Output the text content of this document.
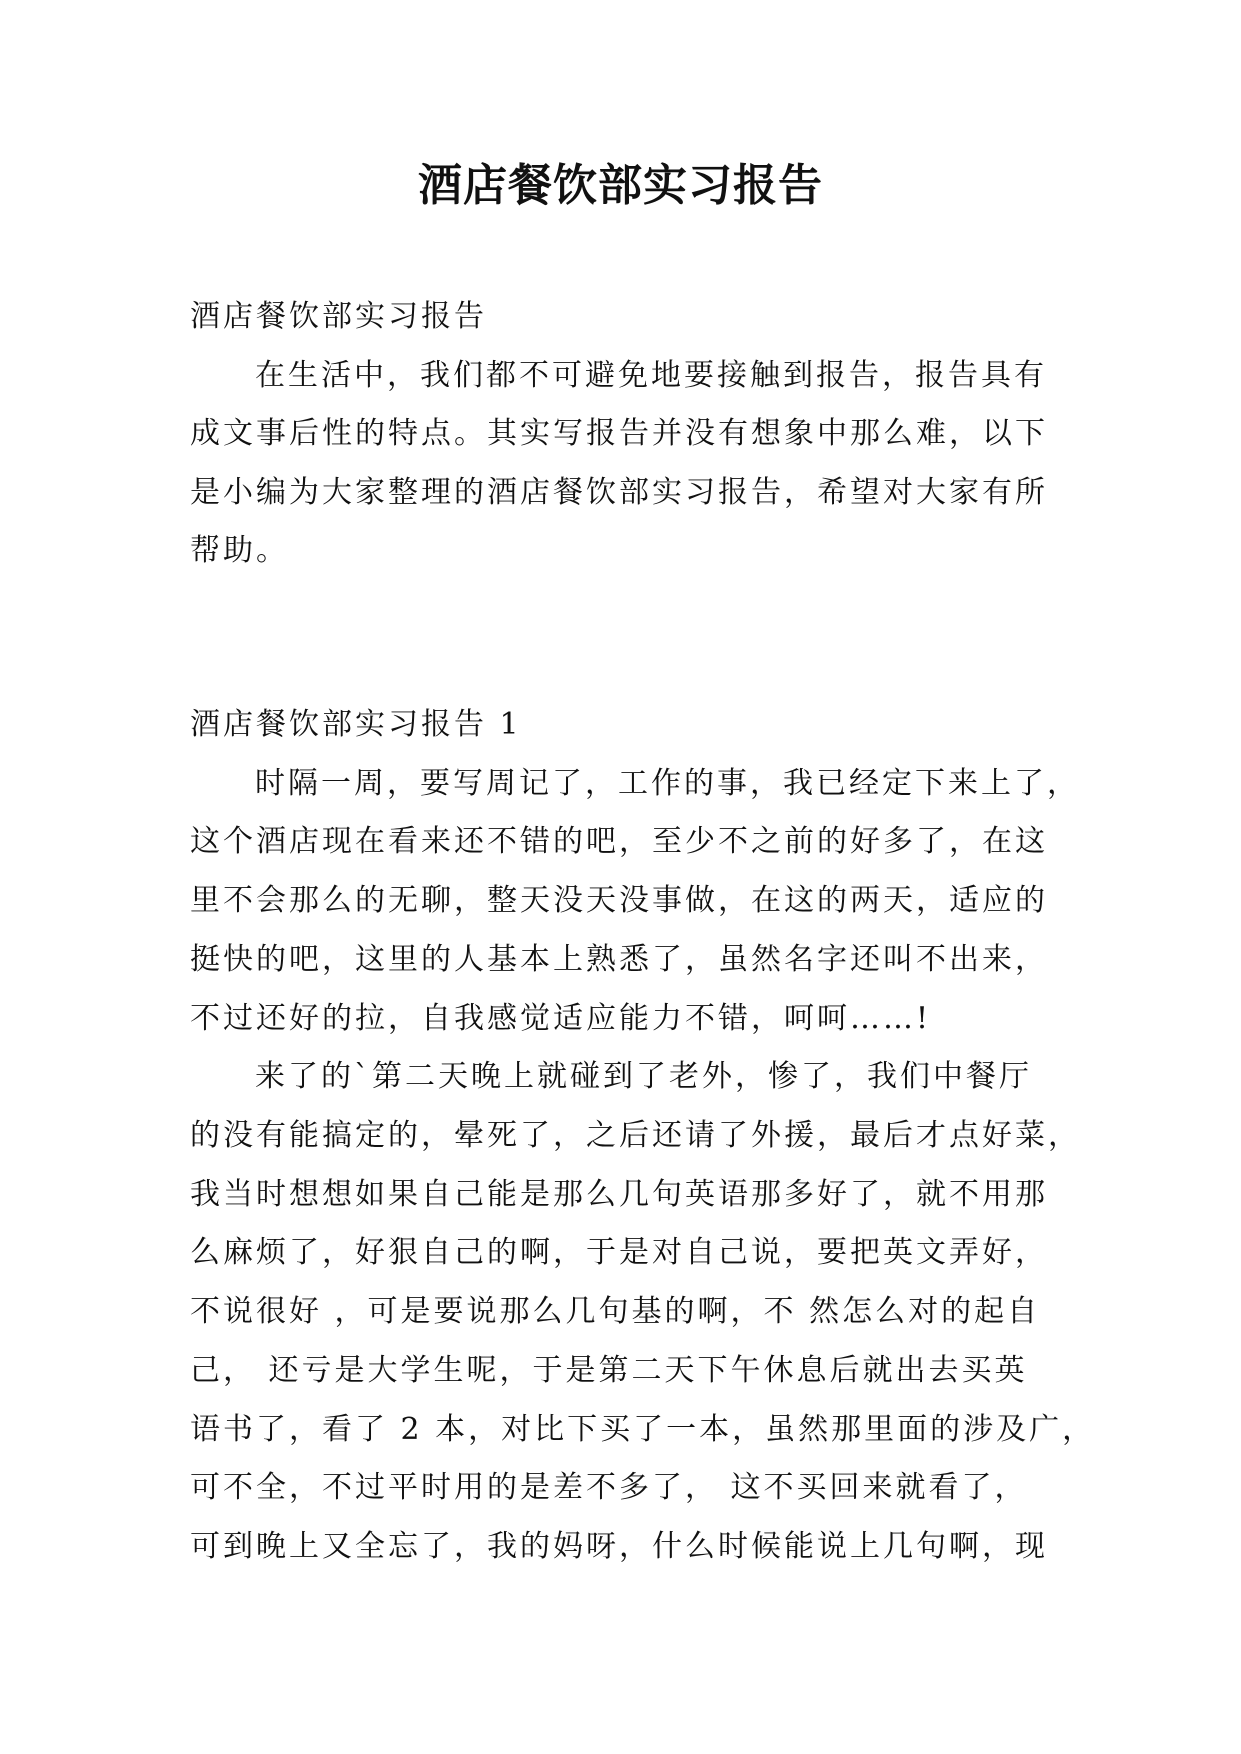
酒店餐饮部实习报告

酒店餐饮部实习报告

在生活中，我们都不可避免地要接触到报告，报告具有

成文事后性的特点。其实写报告并没有想象中那么难，以下

是小编为大家整理的酒店餐饮部实习报告，希望对大家有所

帮助。

酒店餐饮部实习报告 1

时隔一周，要写周记了，工作的事，我已经定下来上了，

这个酒店现在看来还不错的吧，至少不之前的好多了，在这

里不会那么的无聊，整天没天没事做，在这的两天，适应的

挺快的吧，这里的人基本上熟悉了，虽然名字还叫不出来，

不过还好的拉，自我感觉适应能力不错，呵呵……!

来了的`第二天晚上就碰到了老外，惨了，我们中餐厅

的没有能搞定的，晕死了，之后还请了外援，最后才点好菜，

我当时想想如果自己能是那么几句英语那多好了，就不用那

么麻烦了，好狠自己的啊，于是对自己说，要把英文弄好，

不说很好 ，可是要说那么几句基的啊，不 然怎么对的起自

己， 还亏是大学生呢，于是第二天下午休息后就出去买英

语书了，看了 2 本，对比下买了一本，虽然那里面的涉及广，

可不全，不过平时用的是差不多了， 这不买回来就看了，

可到晚上又全忘了，我的妈呀，什么时候能说上几句啊，现
